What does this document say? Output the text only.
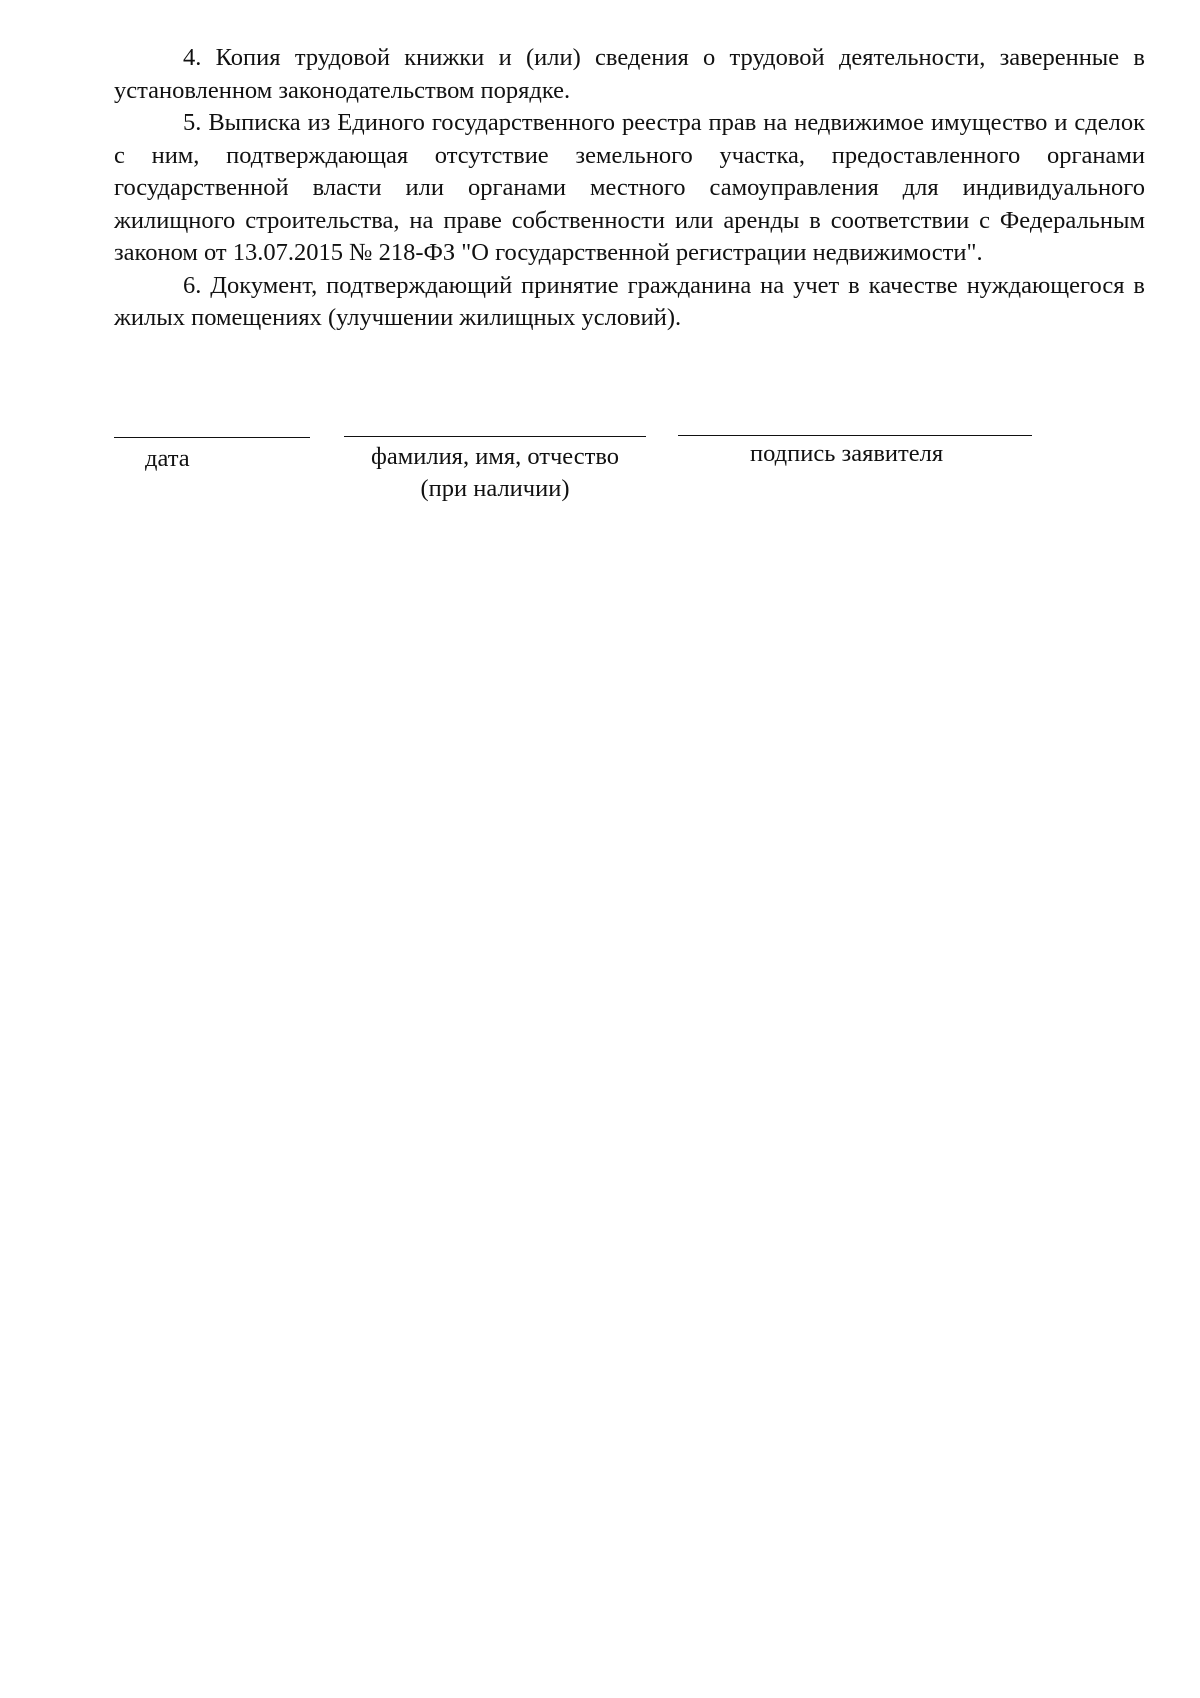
4. Копия трудовой книжки и (или) сведения о трудовой деятельности, заверенные в установленном законодательством порядке.

5. Выписка из Единого государственного реестра прав на недвижимое имущество и сделок с ним, подтверждающая отсутствие земельного участка, предоставленного органами государственной власти или органами местного самоуправления для индивидуального жилищного строительства, на праве собственности или аренды в соответствии с Федеральным законом от 13.07.2015 № 218-ФЗ "О государственной регистрации недвижимости".

6. Документ, подтверждающий принятие гражданина на учет в качестве нуждающегося в жилых помещениях (улучшении жилищных условий).

дата	фамилия, имя, отчество
(при наличии)
подпись заявителя
